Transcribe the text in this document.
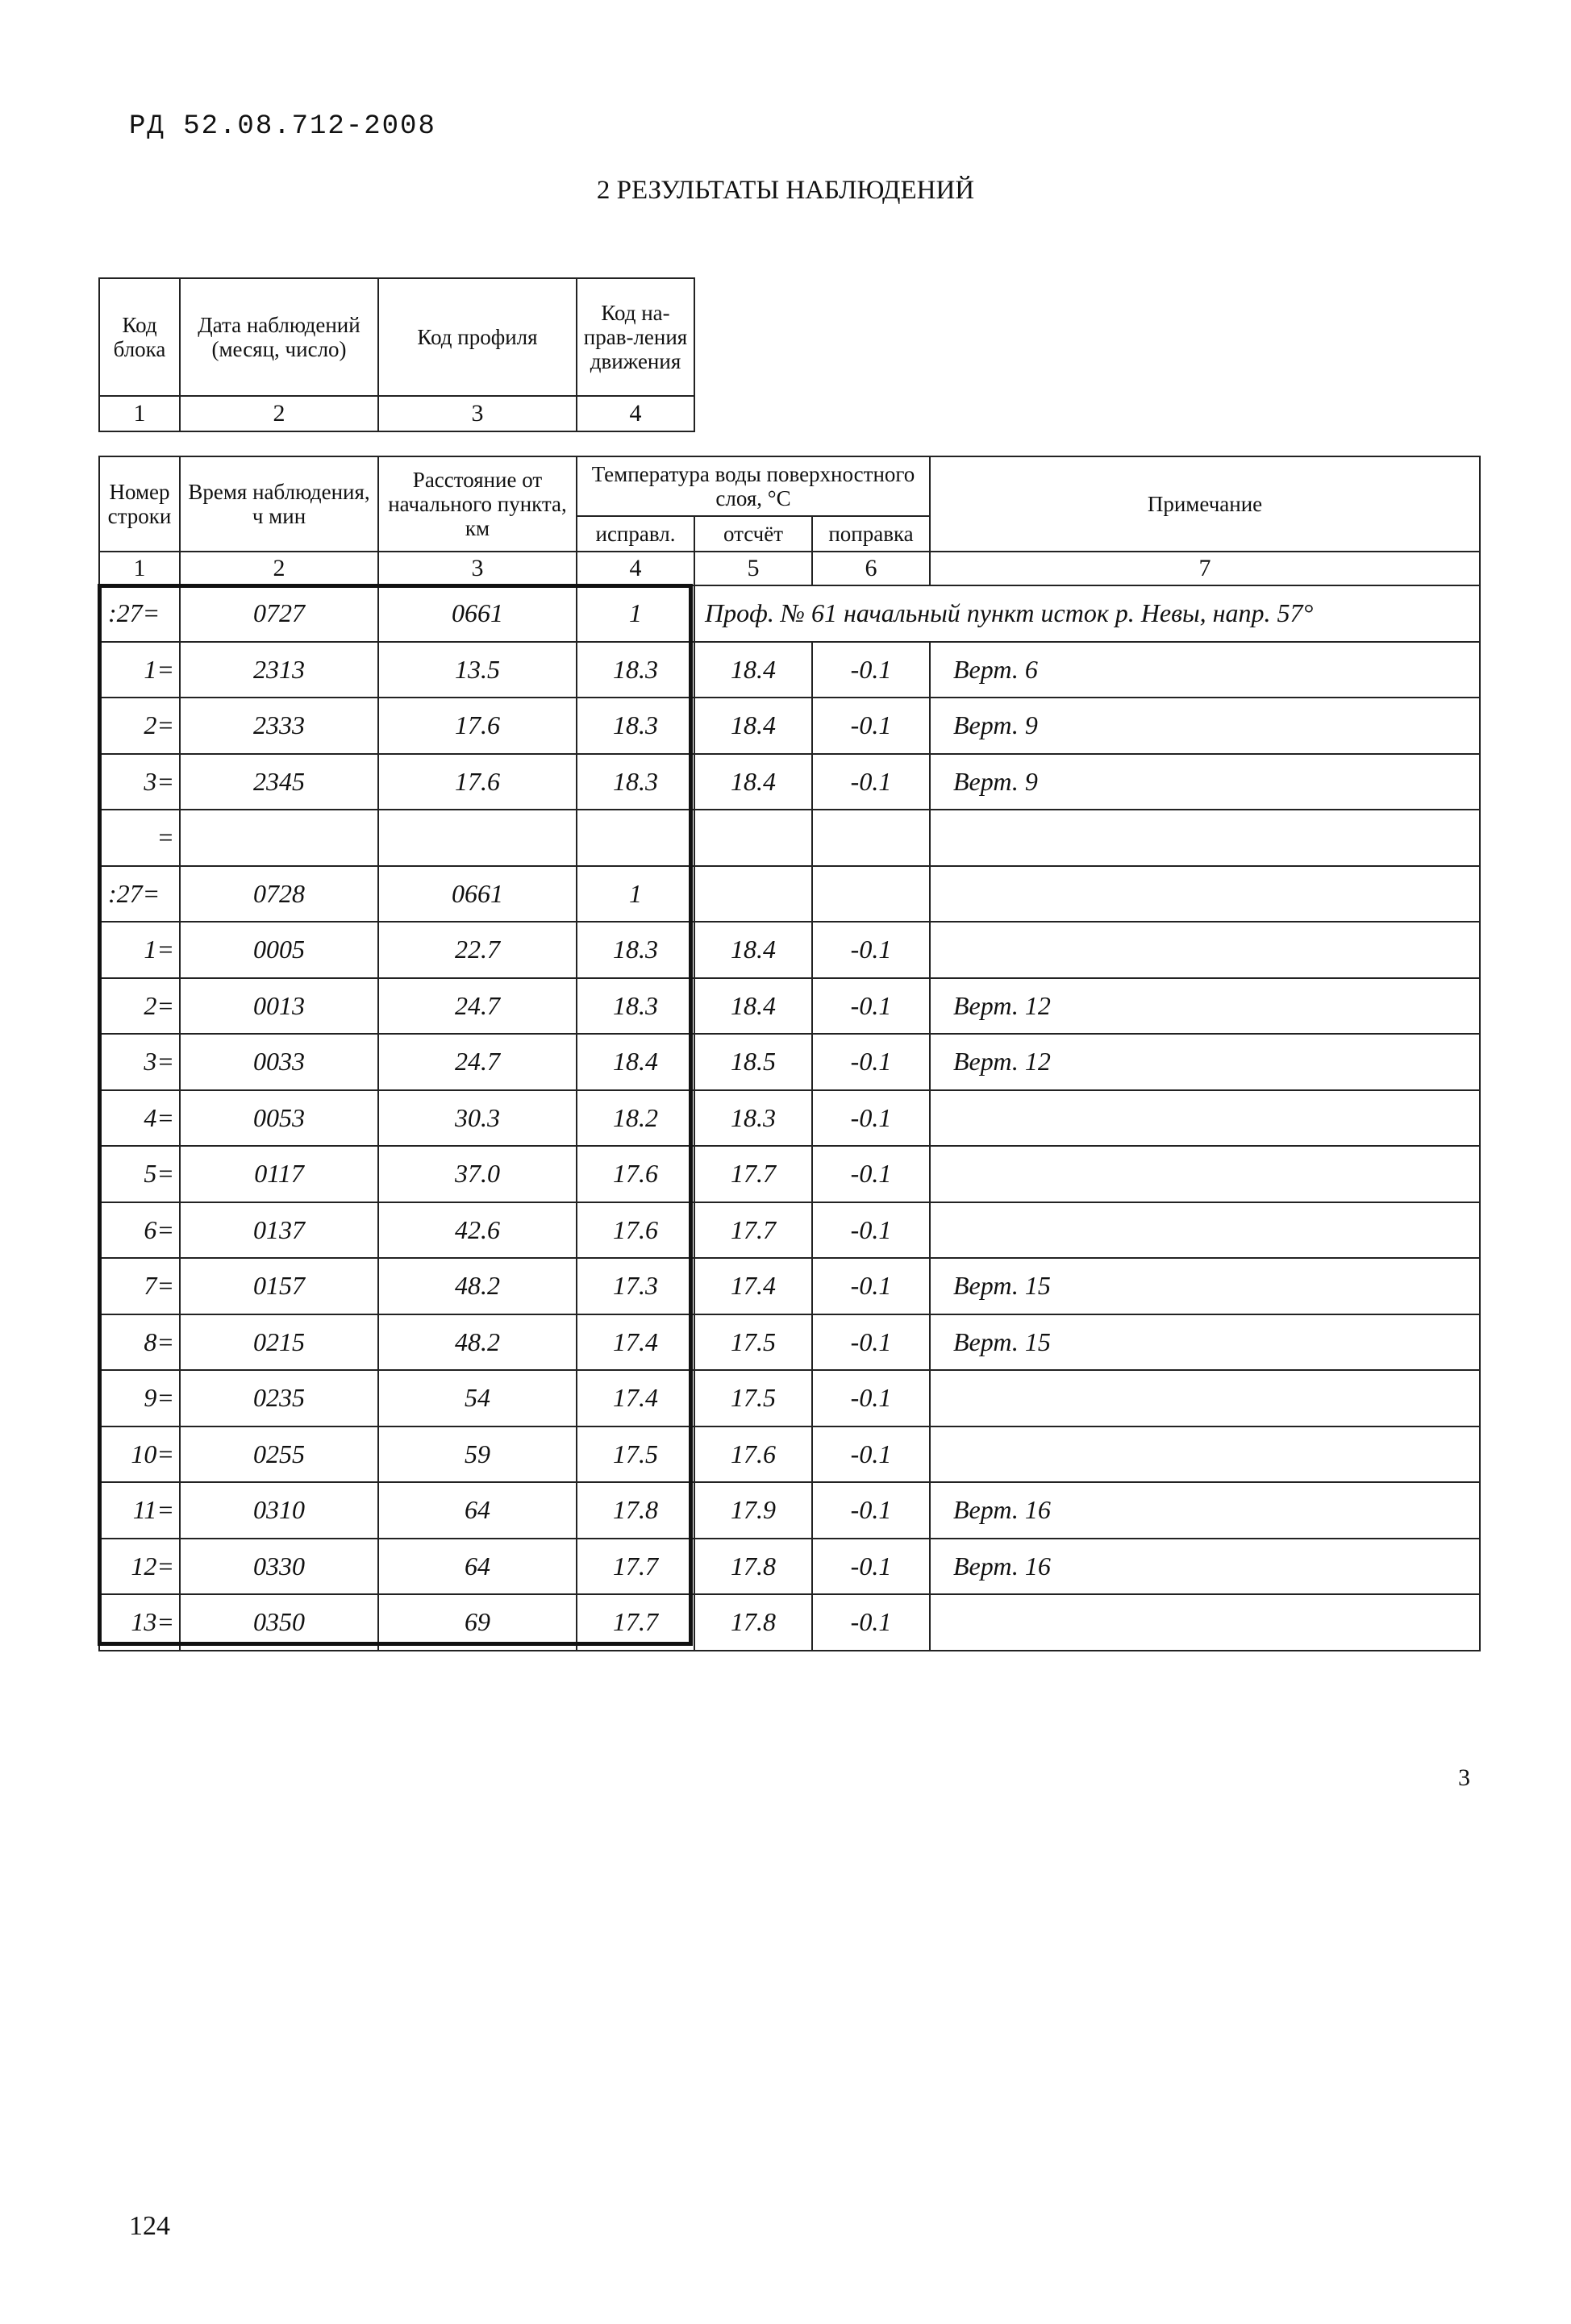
РД 52.08.712-2008
2 РЕЗУЛЬТАТЫ НАБЛЮДЕНИЙ
Код блока	Дата наблюдений (месяц, число)	Код профиля	Код на-прав-ления движения
1	2	3	4
Номер строки	Время наблюдения, ч мин	Расстояние от начального пункта, км	Температура воды поверхностного слоя, °С			Примечание
			исправл.	отсчёт	поправка	
1	2	3	4	5	6	7
:27=	0727	0661	1	Проф. № 61 начальный пункт исток р. Невы, напр. 57°		
1=	2313	13.5	18.3	18.4	-0.1	Верт. 6
2=	2333	17.6	18.3	18.4	-0.1	Верт. 9
3=	2345	17.6	18.3	18.4	-0.1	Верт. 9
=						
:27=	0728	0661	1			
1=	0005	22.7	18.3	18.4	-0.1	
2=	0013	24.7	18.3	18.4	-0.1	Верт. 12
3=	0033	24.7	18.4	18.5	-0.1	Верт. 12
4=	0053	30.3	18.2	18.3	-0.1	
5=	0117	37.0	17.6	17.7	-0.1	
6=	0137	42.6	17.6	17.7	-0.1	
7=	0157	48.2	17.3	17.4	-0.1	Верт. 15
8=	0215	48.2	17.4	17.5	-0.1	Верт. 15
9=	0235	54	17.4	17.5	-0.1	
10=	0255	59	17.5	17.6	-0.1	
11=	0310	64	17.8	17.9	-0.1	Верт. 16
12=	0330	64	17.7	17.8	-0.1	Верт. 16
13=	0350	69	17.7	17.8	-0.1	
3
124
